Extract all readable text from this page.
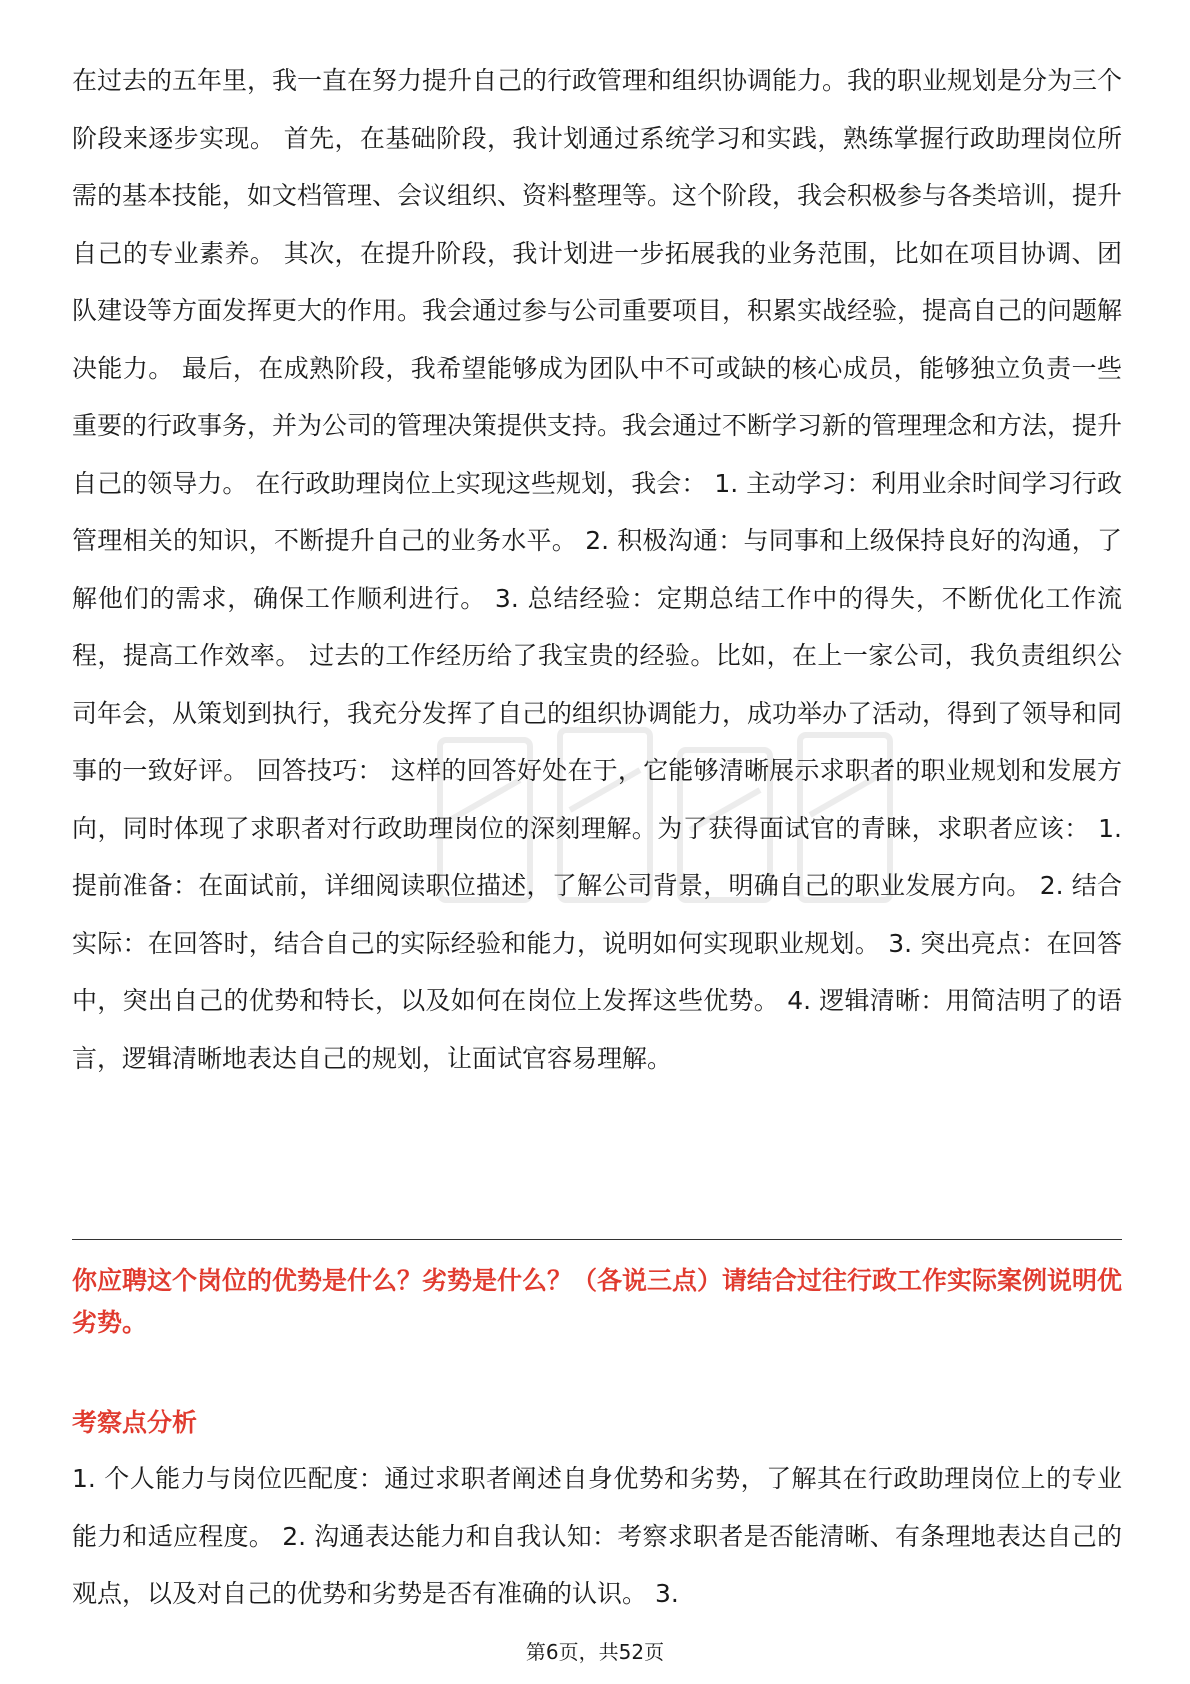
在过去的五年里，我一直在努力提升自己的行政管理和组织协调能力。我的职业规划是分为三个阶段来逐步实现。 首先，在基础阶段，我计划通过系统学习和实践，熟练掌握行政助理岗位所需的基本技能，如文档管理、会议组织、资料整理等。这个阶段，我会积极参与各类培训，提升自己的专业素养。 其次，在提升阶段，我计划进一步拓展我的业务范围，比如在项目协调、团队建设等方面发挥更大的作用。我会通过参与公司重要项目，积累实战经验，提高自己的问题解决能力。 最后，在成熟阶段，我希望能够成为团队中不可或缺的核心成员，能够独立负责一些重要的行政事务，并为公司的管理决策提供支持。我会通过不断学习新的管理理念和方法，提升自己的领导力。 在行政助理岗位上实现这些规划，我会： 1. 主动学习：利用业余时间学习行政管理相关的知识，不断提升自己的业务水平。 2. 积极沟通：与同事和上级保持良好的沟通，了解他们的需求，确保工作顺利进行。 3. 总结经验：定期总结工作中的得失，不断优化工作流程，提高工作效率。 过去的工作经历给了我宝贵的经验。比如，在上一家公司，我负责组织公司年会，从策划到执行，我充分发挥了自己的组织协调能力，成功举办了活动，得到了领导和同事的一致好评。 回答技巧： 这样的回答好处在于，它能够清晰展示求职者的职业规划和发展方向，同时体现了求职者对行政助理岗位的深刻理解。为了获得面试官的青睐，求职者应该： 1. 提前准备：在面试前，详细阅读职位描述，了解公司背景，明确自己的职业发展方向。 2. 结合实际：在回答时，结合自己的实际经验和能力，说明如何实现职业规划。 3. 突出亮点：在回答中，突出自己的优势和特长，以及如何在岗位上发挥这些优势。 4. 逻辑清晰：用简洁明了的语言，逻辑清晰地表达自己的规划，让面试官容易理解。

你应聘这个岗位的优势是什么？劣势是什么？（各说三点）请结合过往行政工作实际案例说明优劣势。

考察点分析

1. 个人能力与岗位匹配度：通过求职者阐述自身优势和劣势，了解其在行政助理岗位上的专业能力和适应程度。 2. 沟通表达能力和自我认知：考察求职者是否能清晰、有条理地表达自己的观点，以及对自己的优势和劣势是否有准确的认识。 3.

第6页，共52页
